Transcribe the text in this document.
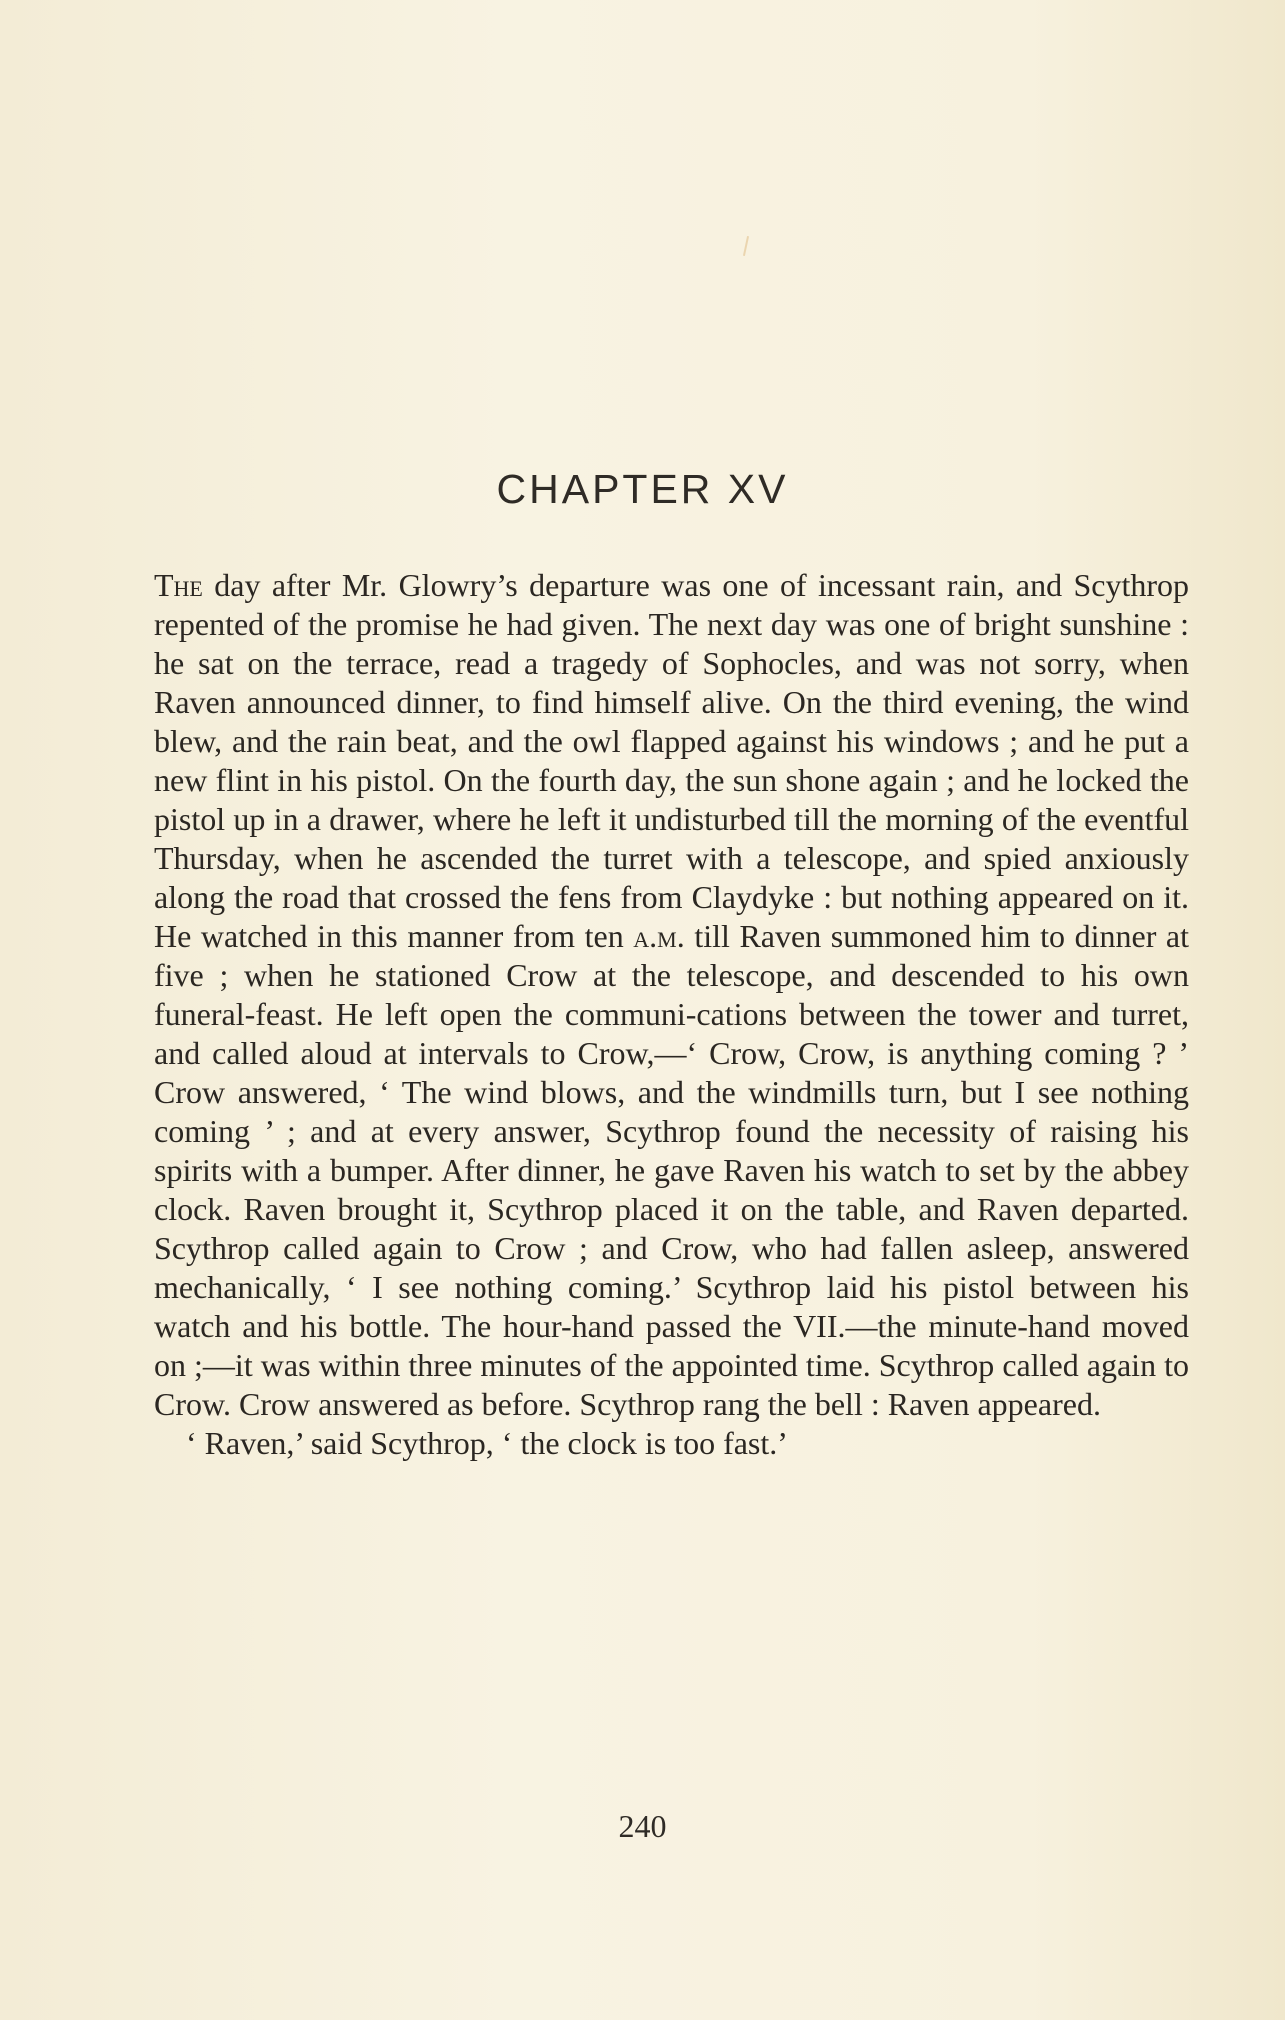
CHAPTER XV

The day after Mr. Glowry’s departure was one of incessant rain, and Scythrop repented of the promise he had given. The next day was one of bright sunshine : he sat on the terrace, read a tragedy of Sophocles, and was not sorry, when Raven announced dinner, to find himself alive. On the third evening, the wind blew, and the rain beat, and the owl flapped against his windows ; and he put a new flint in his pistol. On the fourth day, the sun shone again ; and he locked the pistol up in a drawer, where he left it undisturbed till the morning of the eventful Thursday, when he ascended the turret with a telescope, and spied anxiously along the road that crossed the fens from Claydyke : but nothing appeared on it. He watched in this manner from ten a.m. till Raven summoned him to dinner at five ; when he stationed Crow at the telescope, and descended to his own funeral-feast. He left open the communi-cations between the tower and turret, and called aloud at intervals to Crow,—‘ Crow, Crow, is anything coming ? ’ Crow answered, ‘ The wind blows, and the windmills turn, but I see nothing coming ’ ; and at every answer, Scythrop found the necessity of raising his spirits with a bumper. After dinner, he gave Raven his watch to set by the abbey clock. Raven brought it, Scythrop placed it on the table, and Raven departed. Scythrop called again to Crow ; and Crow, who had fallen asleep, answered mechanically, ‘ I see nothing coming.’ Scythrop laid his pistol between his watch and his bottle. The hour-hand passed the VII.—the minute-hand moved on ;—it was within three minutes of the appointed time. Scythrop called again to Crow. Crow answered as before. Scythrop rang the bell : Raven appeared.

‘ Raven,’ said Scythrop, ‘ the clock is too fast.’

240
